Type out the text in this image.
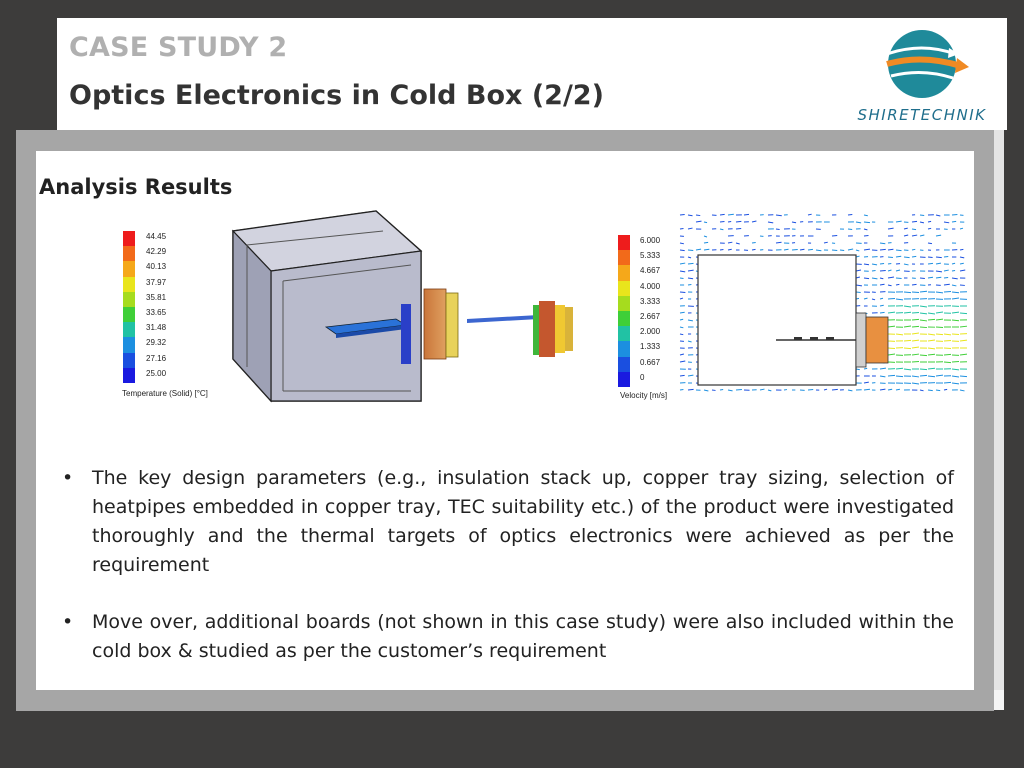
CASE STUDY 2
Optics Electronics in Cold Box (2/2)
SHIRETECHNIK
Analysis Results
44.45
42.29
40.13
37.97
35.81
33.65
31.48
29.32
27.16
25.00
Temperature (Solid) [°C]
6.000
5.333
4.667
4.000
3.333
2.667
2.000
1.333
0.667
0
Velocity [m/s]
• The key design parameters (e.g., insulation stack up, copper tray sizing, selection of heatpipes embedded in copper tray, TEC suitability etc.) of the product were investigated thoroughly and the thermal targets of optics electronics were achieved as per the requirement
• Move over, additional boards (not shown in this case study) were also included within the cold box & studied as per the customer’s requirement
